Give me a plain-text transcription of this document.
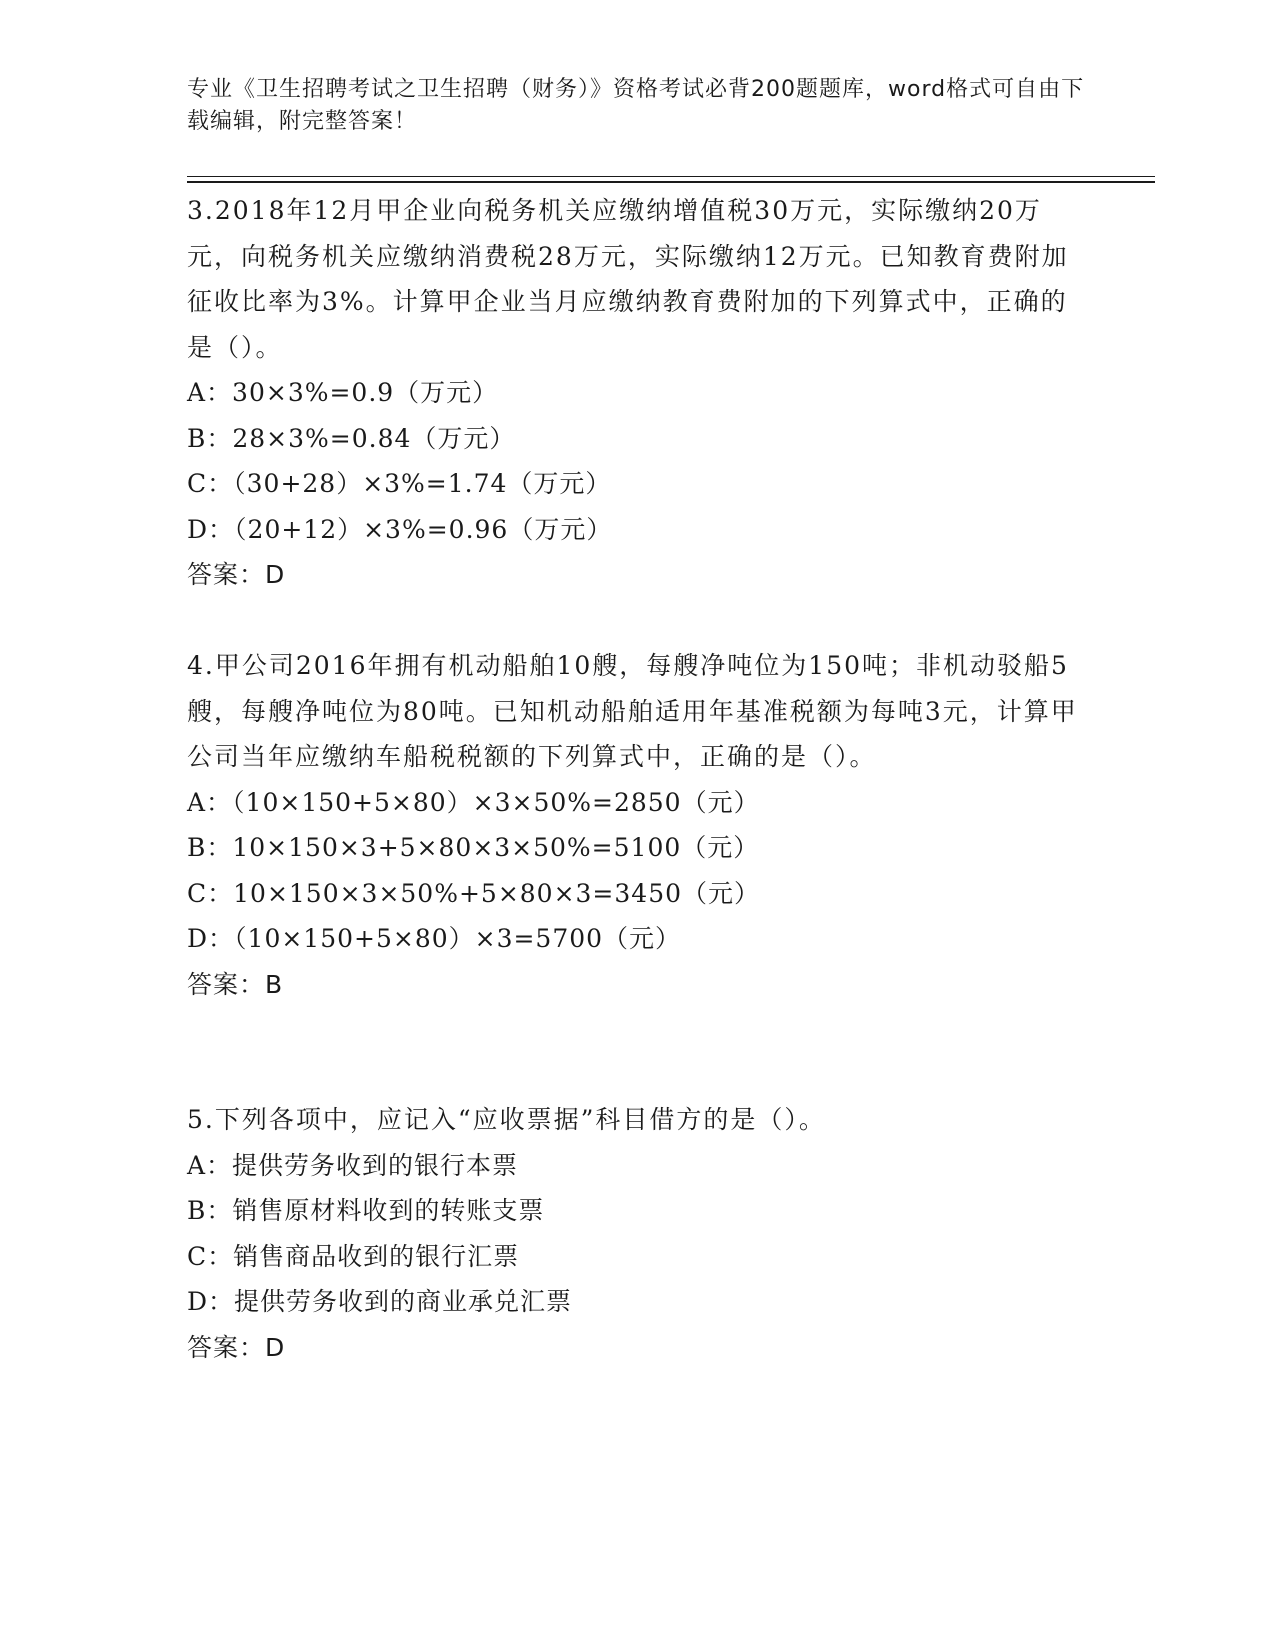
专业《卫生招聘考试之卫生招聘（财务）》资格考试必背200题题库，word格式可自由下载编辑，附完整答案！

3.2018年12月甲企业向税务机关应缴纳增值税30万元，实际缴纳20万元，向税务机关应缴纳消费税28万元，实际缴纳12万元。已知教育费附加征收比率为3%。计算甲企业当月应缴纳教育费附加的下列算式中，正确的是（）。

A：30×3%=0.9（万元）

B：28×3%=0.84（万元）

C：（30+28）×3%=1.74（万元）

D：（20+12）×3%=0.96（万元）

答案：D

4.甲公司2016年拥有机动船舶10艘，每艘净吨位为150吨；非机动驳船5艘，每艘净吨位为80吨。已知机动船舶适用年基准税额为每吨3元，计算甲公司当年应缴纳车船税税额的下列算式中，正确的是（）。

A：（10×150+5×80）×3×50%=2850（元）

B：10×150×3+5×80×3×50%=5100（元）

C：10×150×3×50%+5×80×3=3450（元）

D：（10×150+5×80）×3=5700（元）

答案：B

5.下列各项中，应记入“应收票据”科目借方的是（）。

A：提供劳务收到的银行本票

B：销售原材料收到的转账支票

C：销售商品收到的银行汇票

D：提供劳务收到的商业承兑汇票

答案：D
